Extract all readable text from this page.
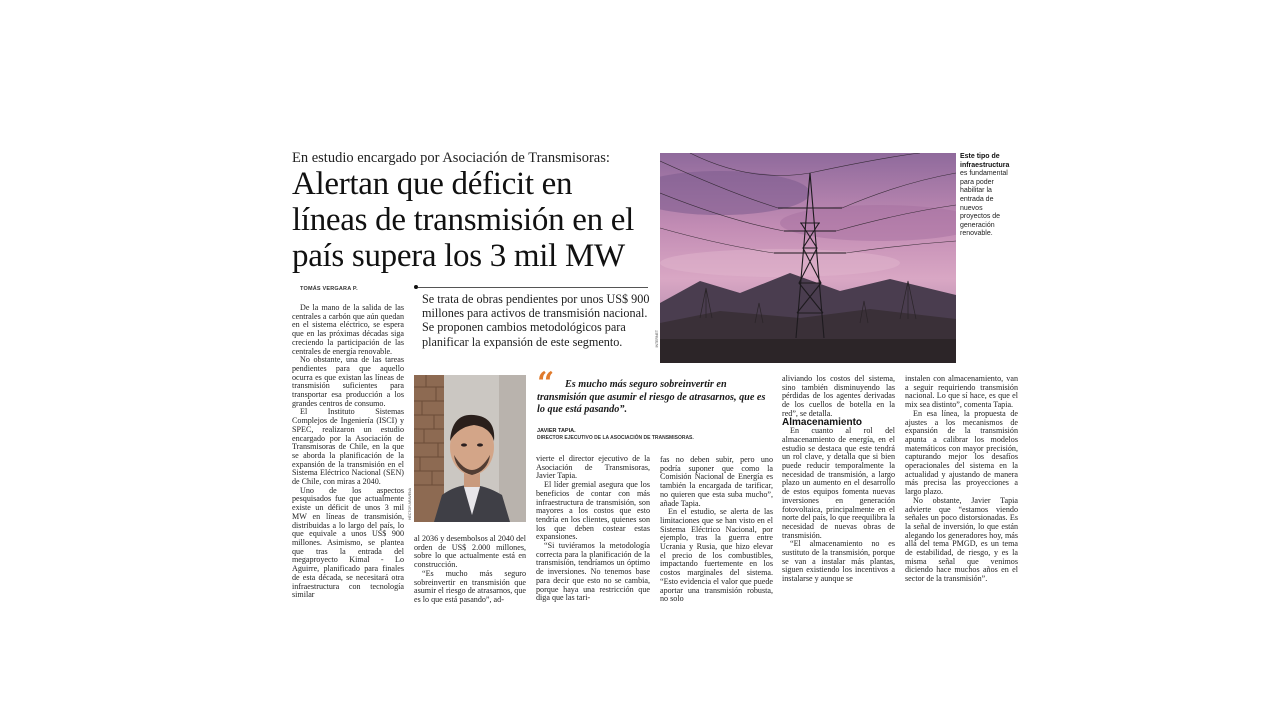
En estudio encargado por Asociación de Transmisoras:
Alertan que déficit en líneas de transmisión en el país supera los 3 mil MW
TOMÁS VERGARA P.
Se trata de obras pendientes por unos US$ 900 millones para activos de transmisión nacional. Se proponen cambios metodológicos para planificar la expansión de este segmento.	INTERNET
Este tipo de infraestructura es fundamental para poder habilitar la entrada de nuevos proyectos de generación renovable.
HÉCTOR ARAVENA
“	Es mucho más seguro sobreinvertir en transmisión que asumir el riesgo de atrasarnos, que es lo que está pasando”.
JAVIER TAPIA.
DIRECTOR EJECUTIVO DE LA ASOCIACIÓN DE TRANSMISORAS.

De la mano de la salida de las centrales a carbón que aún quedan en el sistema eléctrico, se espera que en las próximas décadas siga creciendo la participación de las centrales de energía renovable.

No obstante, una de las tareas pendientes para que aquello ocurra es que existan las líneas de transmisión suficientes para transportar esa producción a los grandes centros de consumo.

El Instituto Sistemas Complejos de Ingeniería (ISCI) y SPEC, realizaron un estudio encargado por la Asociación de Transmisoras de Chile, en la que se aborda la planificación de la expansión de la transmisión en el Sistema Eléctrico Nacional (SEN) de Chile, con miras a 2040.

Uno de los aspectos pesquisados fue que actualmente existe un déficit de unos 3 mil MW en líneas de transmisión, distribuidas a lo largo del país, lo que equivale a unos US$ 900 millones. Asimismo, se plantea que tras la entrada del megaproyecto Kimal - Lo Aguirre, planificado para finales de esta década, se necesitará otra infraestructura con tecnología similar

al 2036 y desembolsos al 2040 del orden de US$ 2.000 millones, sobre lo que actualmente está en construcción.

“Es mucho más seguro sobreinvertir en transmisión que asumir el riesgo de atrasarnos, que es lo que está pasando”, ad-

vierte el director ejecutivo de la Asociación de Transmisoras, Javier Tapia.

El líder gremial asegura que los beneficios de contar con más infraestructura de transmisión, son mayores a los costos que esto tendría en los clientes, quienes son los que deben costear estas expansiones.

“Si tuviéramos la metodología correcta para la planificación de la transmisión, tendríamos un óptimo de inversiones. No tenemos base para decir que esto no se cambia, porque haya una restricción que diga que las tari-

fas no deben subir, pero uno podría suponer que como la Comisión Nacional de Energía es también la encargada de tarificar, no quieren que esta suba mucho”, añade Tapia.

En el estudio, se alerta de las limitaciones que se han visto en el Sistema Eléctrico Nacional, por ejemplo, tras la guerra entre Ucrania y Rusia, que hizo elevar el precio de los combustibles, impactando fuertemente en los costos marginales del sistema. “Esto evidencia el valor que puede aportar una transmisión robusta, no solo

aliviando los costos del sistema, sino también disminuyendo las pérdidas de los agentes derivadas de los cuellos de botella en la red”, se detalla.

Almacenamiento

En cuanto al rol del almacenamiento de energía, en el estudio se destaca que este tendrá un rol clave, y detalla que si bien puede reducir temporalmente la necesidad de transmisión, a largo plazo un aumento en el desarrollo de estos equipos fomenta nuevas inversiones en generación fotovoltaica, principalmente en el norte del país, lo que reequilibra la necesidad de nuevas obras de transmisión.

“El almacenamiento no es sustituto de la transmisión, porque se van a instalar más plantas, siguen existiendo los incentivos a instalarse y aunque se

instalen con almacenamiento, van a seguir requiriendo transmisión nacional. Lo que sí hace, es que el mix sea distinto”, comenta Tapia.

En esa línea, la propuesta de ajustes a los mecanismos de expansión de la transmisión apunta a calibrar los modelos matemáticos con mayor precisión, capturando mejor los desafíos operacionales del sistema en la actualidad y ajustando de manera más precisa las proyecciones a largo plazo.

No obstante, Javier Tapia advierte que “estamos viendo señales un poco distorsionadas. Es la señal de inversión, lo que están alegando los generadores hoy, más allá del tema PMGD, es un tema de estabilidad, de riesgo, y es la misma señal que venimos diciendo hace muchos años en el sector de la transmisión”.
